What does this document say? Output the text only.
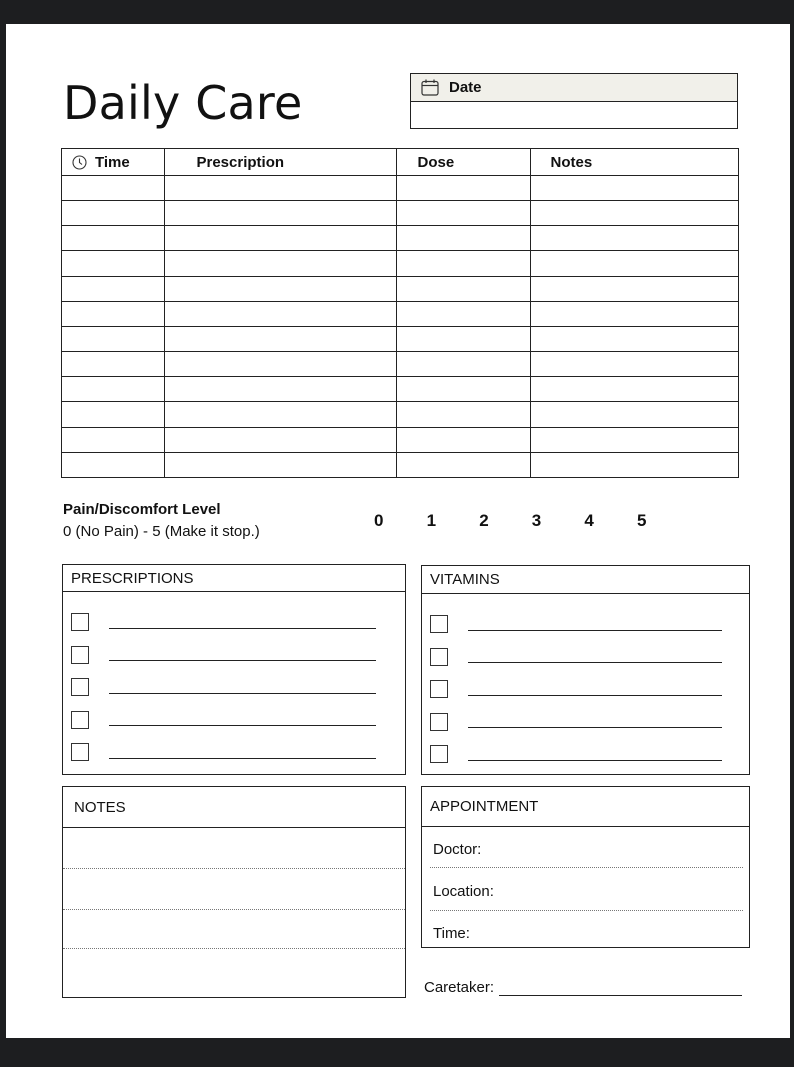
Daily Care	Date
Time	Prescription	Dose	Notes

Pain/Discomfort Level
0 (No Pain) - 5 (Make it stop.)
0	1	2	3	4	5
PRESCRIPTIONS	VITAMINS
NOTES	APPOINTMENT
Doctor:
Location:
Time:
Caretaker:
